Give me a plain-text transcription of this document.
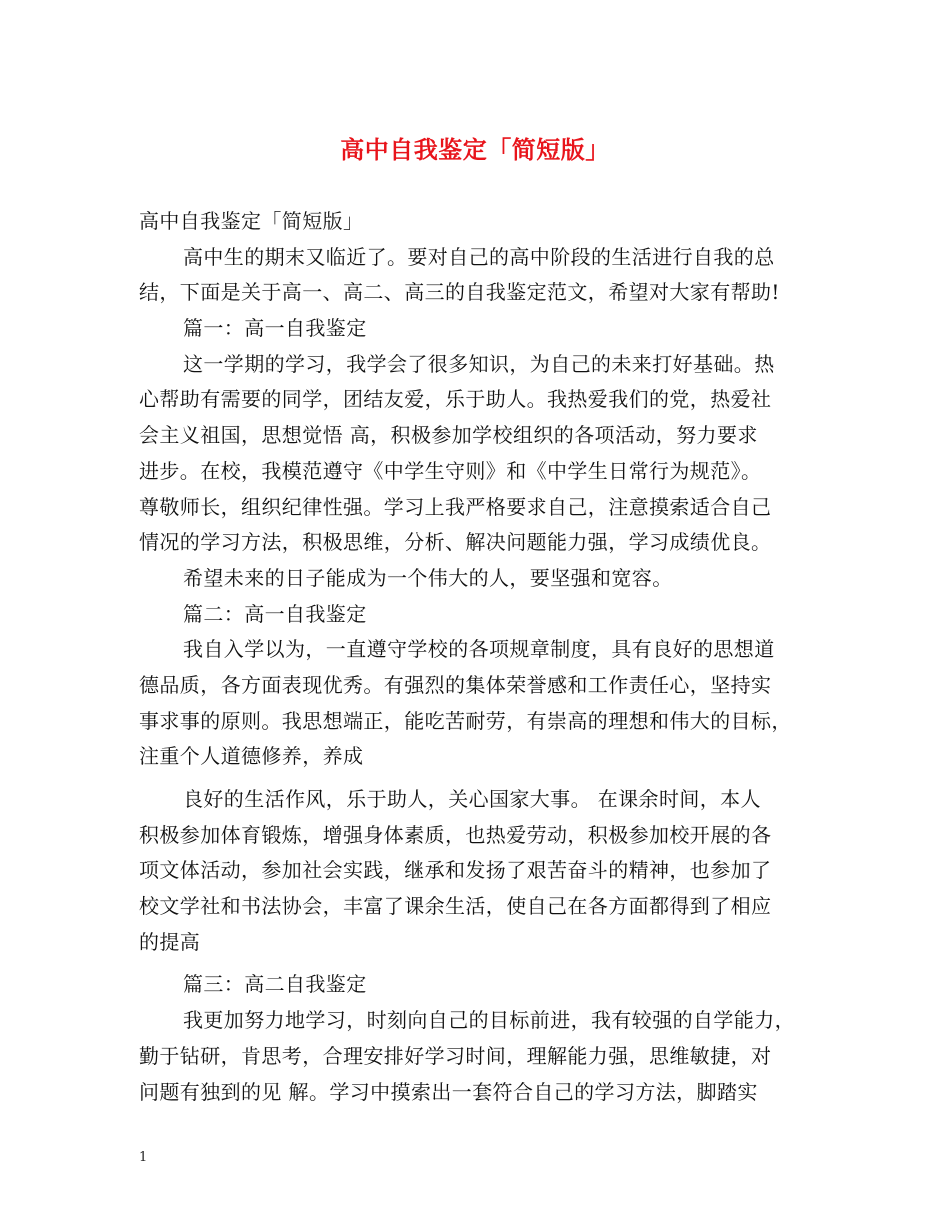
高中自我鉴定「简短版」
高中自我鉴定「简短版」
高中生的期末又临近了。要对自己的高中阶段的生活进行自我的总
结，下面是关于高一、高二、高三的自我鉴定范文，希望对大家有帮助!
篇一：高一自我鉴定
这一学期的学习，我学会了很多知识，为自己的未来打好基础。热
心帮助有需要的同学，团结友爱，乐于助人。我热爱我们的党，热爱社
会主义祖国，思想觉悟 高，积极参加学校组织的各项活动，努力要求
进步。在校，我模范遵守《中学生守则》和《中学生日常行为规范》。
尊敬师长，组织纪律性强。学习上我严格要求自己，注意摸索适合自己
情况的学习方法，积极思维，分析、解决问题能力强，学习成绩优良。
希望未来的日子能成为一个伟大的人，要坚强和宽容。
篇二：高一自我鉴定
我自入学以为，一直遵守学校的各项规章制度，具有良好的思想道
德品质，各方面表现优秀。有强烈的集体荣誉感和工作责任心，坚持实
事求事的原则。我思想端正，能吃苦耐劳，有崇高的理想和伟大的目标，
注重个人道德修养，养成
良好的生活作风，乐于助人，关心国家大事。 在课余时间，本人
积极参加体育锻炼，增强身体素质，也热爱劳动，积极参加校开展的各
项文体活动，参加社会实践，继承和发扬了艰苦奋斗的精神，也参加了
校文学社和书法协会，丰富了课余生活，使自己在各方面都得到了相应
的提高
篇三：高二自我鉴定
我更加努力地学习，时刻向自己的目标前进，我有较强的自学能力，
勤于钻研，肯思考，合理安排好学习时间，理解能力强，思维敏捷，对
问题有独到的见 解。学习中摸索出一套符合自己的学习方法，脚踏实
1
